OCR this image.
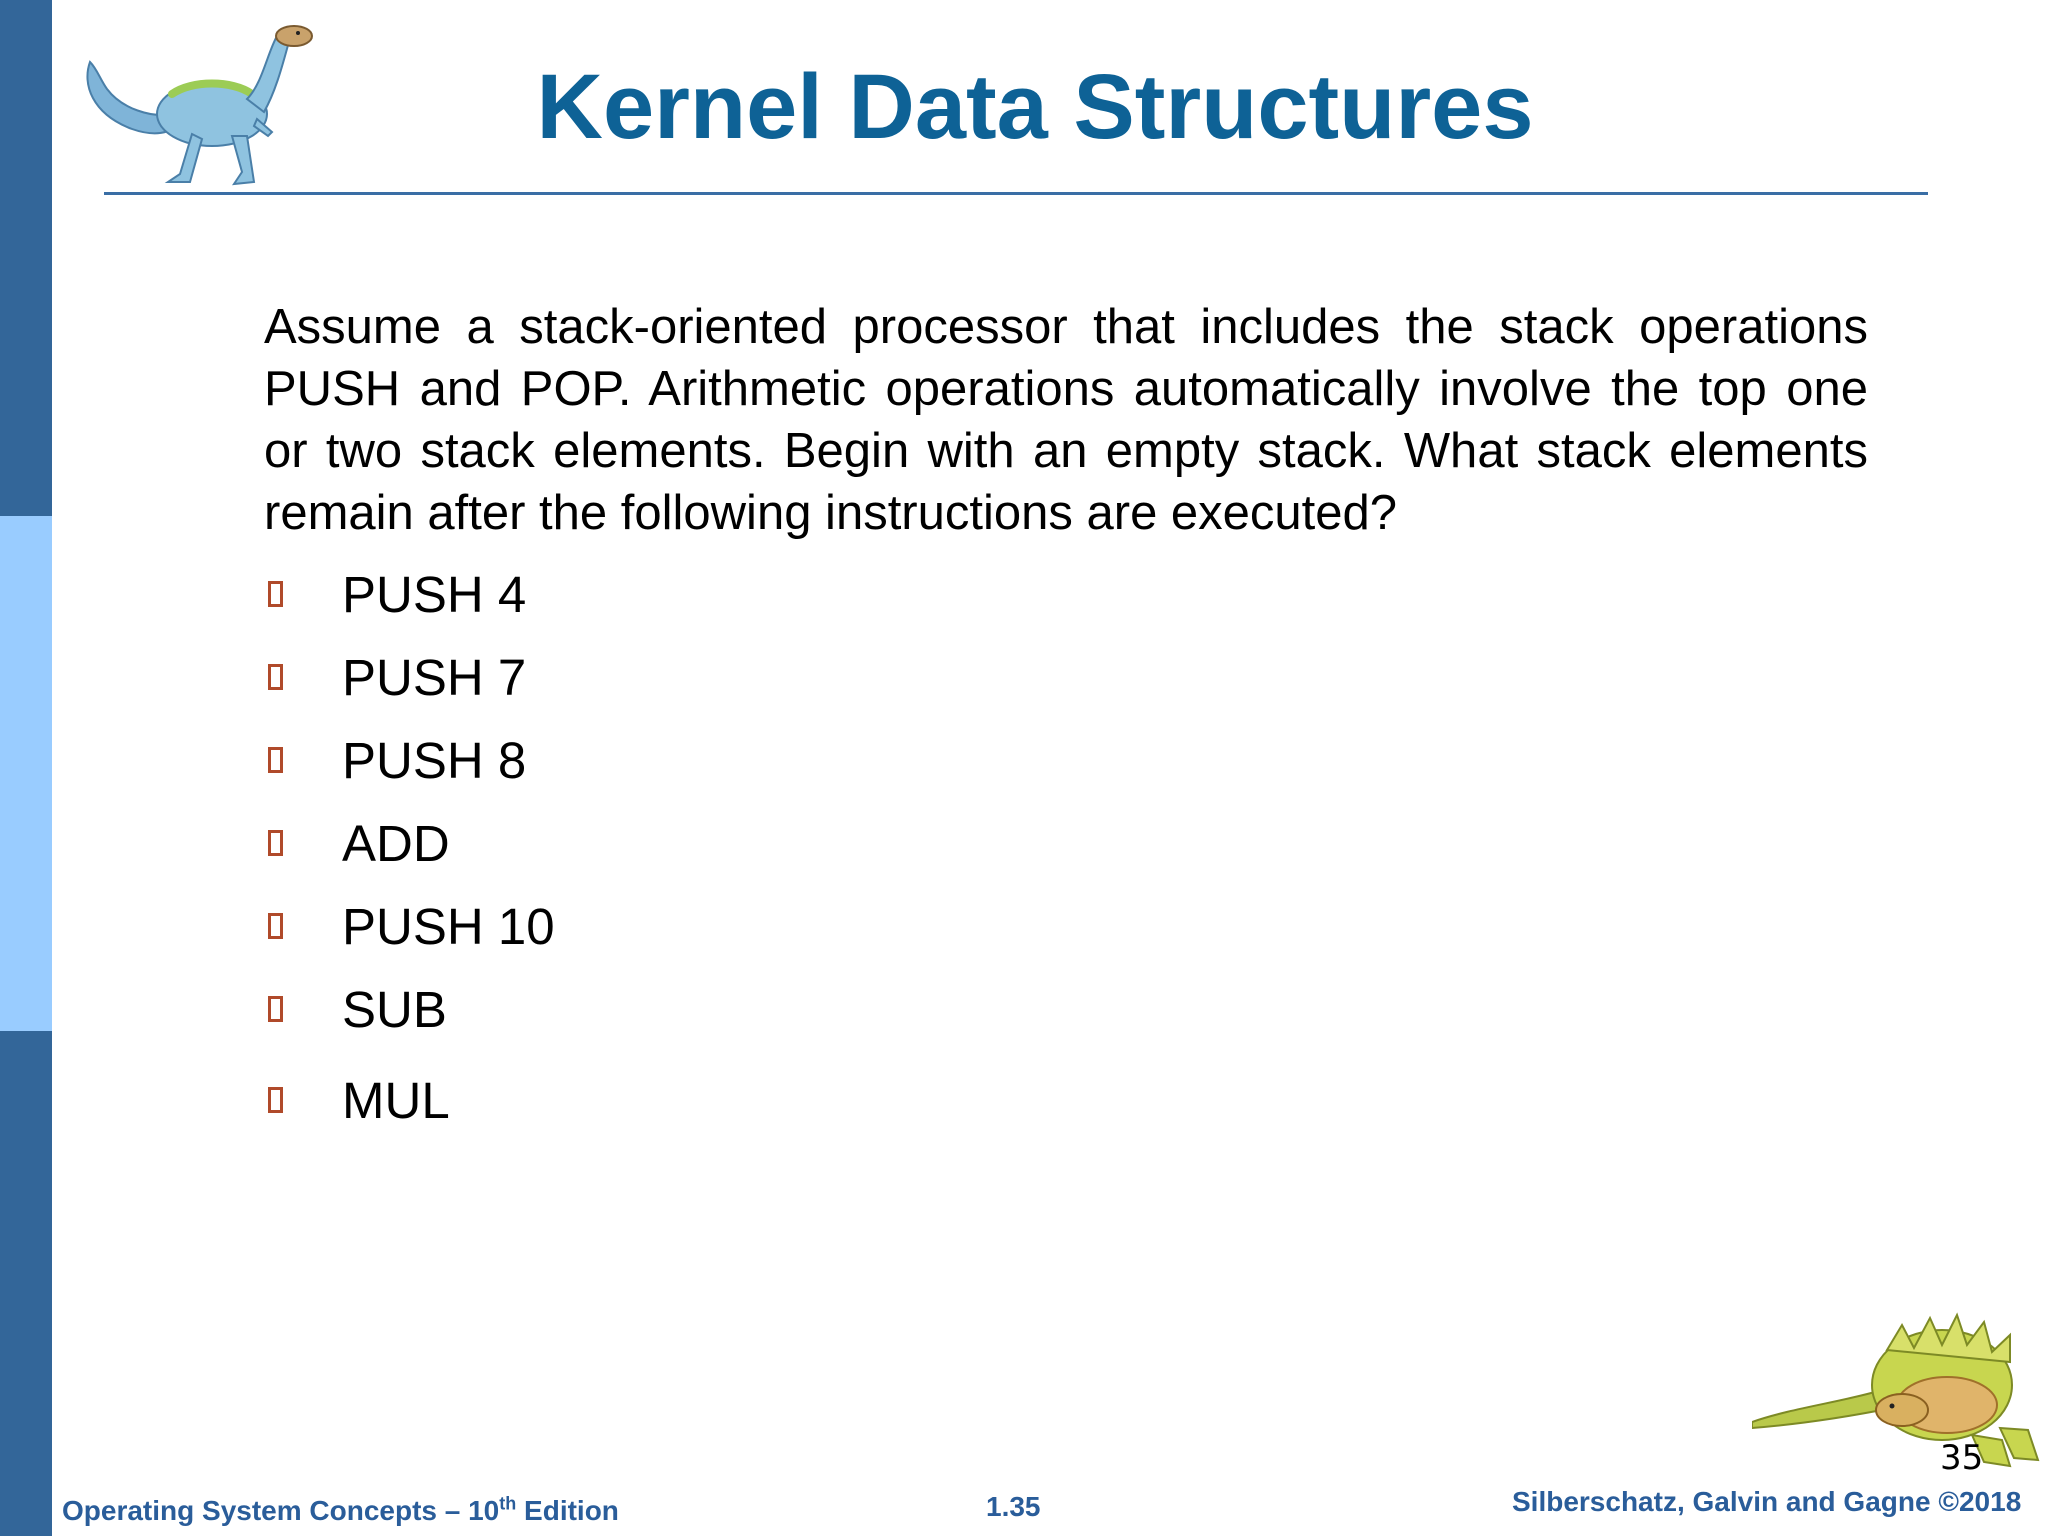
Kernel Data Structures

Assume a stack-oriented processor that includes the stack operations PUSH and POP. Arithmetic operations automatically involve the top one or two stack elements. Begin with an empty stack. What stack elements remain after the following instructions are executed?

PUSH 4
PUSH 7
PUSH 8
ADD
PUSH 10
SUB
MUL
35
Operating System Concepts – 10th Edition	1.35	Silberschatz, Galvin and Gagne ©2018
